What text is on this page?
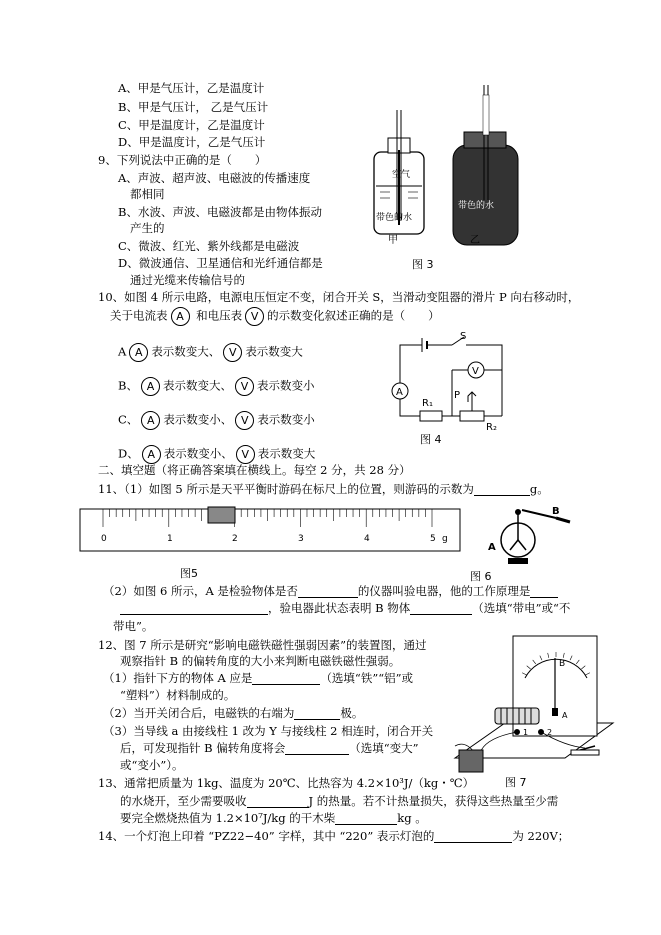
A、甲是气压计，乙是温度计
B、甲是气压计， 乙是气压计
C、甲是温度计，乙是温度计
D、甲是温度计，乙是气压计
9、下列说法中正确的是（　　）
A、声波、超声波、电磁波的传播速度
都相同
B、水波、声波、电磁波都是由物体振动
产生的
C、微波、红光、紫外线都是电磁波
D、微波通信、卫星通信和光纤通信都是
通过光缆来传输信号的
空气
带色的水
甲
带色的水
乙
图 3
10、如图 4 所示电路，电源电压恒定不变，闭合开关 S，当滑动变阻器的滑片 P 向右移动时，
关于电流表 A 和电压表 V 的示数变化叙述正确的是（　　）
A A 表示数变大、 V 表示数变大
B、 A 表示数变大、 V 表示数变小
C、 A 表示数变小、 V 表示数变小
D、 A 表示数变小、 V 表示数变大
A
V
S
R₁
P
R₂
图 4
二、填空题（将正确答案填在横线上。每空 2 分，共 28 分）
11、（1）如图 5 所示是天平平衡时游码在标尺上的位置，则游码的示数为	g。
0	1	2	3	4	5 g
图5
B
A
图 6
（2）如图 6 所示，A 是检验物体是否	的仪器叫验电器，他的工作原理是
，验电器此状态表明 B 物体	（选填“带电”或“不
带电”。
12、图 7 所示是研究“影响电磁铁磁性强弱因素”的装置图，通过
观察指针 B 的偏转角度的大小来判断电磁铁磁性强弱。
（1）指针下方的物体 A 应是	（选填“铁”“铝”或
“塑料”）材料制成的。
（2）当开关闭合后，电磁铁的右端为	极。
（3）当导线 a 由接线柱 1 改为 Y 与接线柱 2 相连时，闭合开关
后，可发现指针 B 偏转角度将会	（选填“变大”
或“变小”）。
B
A
1 2
图 7
13、通常把质量为 1kg、温度为 20℃、比热容为 4.2×10³J/（kg・℃）
的水烧开，至少需要吸收	J 的热量。若不计热量损失，获得这些热量至少需
要完全燃烧热值为 1.2×10⁷J/kg 的干木柴	kg 。
14、一个灯泡上印着 “PZ22−40” 字样，其中 “220” 表示灯泡的	为 220V；
